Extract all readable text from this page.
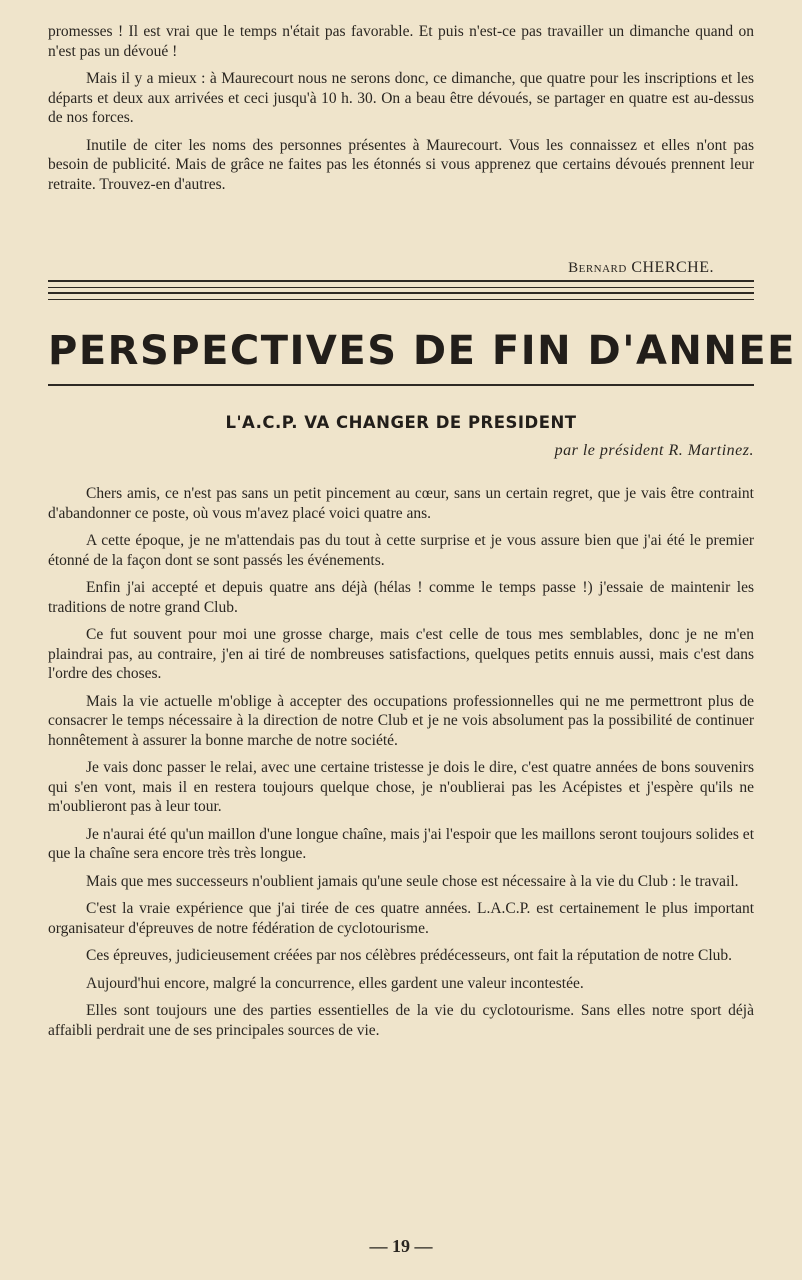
promesses ! Il est vrai que le temps n'était pas favorable. Et puis n'est-ce pas travailler un dimanche quand on n'est pas un dévoué !

Mais il y a mieux : à Maurecourt nous ne serons donc, ce dimanche, que quatre pour les inscriptions et les départs et deux aux arrivées et ceci jusqu'à 10 h. 30. On a beau être dévoués, se partager en quatre est au-dessus de nos forces.

Inutile de citer les noms des personnes présentes à Maurecourt. Vous les connaissez et elles n'ont pas besoin de publicité. Mais de grâce ne faites pas les étonnés si vous apprenez que certains dévoués prennent leur retraite. Trouvez-en d'autres.

Bernard CHERCHE.
PERSPECTIVES DE FIN D'ANNEE
L'A.C.P. VA CHANGER DE PRESIDENT
par le président R. Martinez.

Chers amis, ce n'est pas sans un petit pincement au cœur, sans un certain regret, que je vais être contraint d'abandonner ce poste, où vous m'avez placé voici quatre ans.

A cette époque, je ne m'attendais pas du tout à cette surprise et je vous assure bien que j'ai été le premier étonné de la façon dont se sont passés les événements.

Enfin j'ai accepté et depuis quatre ans déjà (hélas ! comme le temps passe !) j'essaie de maintenir les traditions de notre grand Club.

Ce fut souvent pour moi une grosse charge, mais c'est celle de tous mes semblables, donc je ne m'en plaindrai pas, au contraire, j'en ai tiré de nombreuses satisfactions, quelques petits ennuis aussi, mais c'est dans l'ordre des choses.

Mais la vie actuelle m'oblige à accepter des occupations professionnelles qui ne me permettront plus de consacrer le temps nécessaire à la direction de notre Club et je ne vois absolument pas la possibilité de continuer honnêtement à assurer la bonne marche de notre société.

Je vais donc passer le relai, avec une certaine tristesse je dois le dire, c'est quatre années de bons souvenirs qui s'en vont, mais il en restera toujours quelque chose, je n'oublierai pas les Acépistes et j'espère qu'ils ne m'oublieront pas à leur tour.

Je n'aurai été qu'un maillon d'une longue chaîne, mais j'ai l'espoir que les maillons seront toujours solides et que la chaîne sera encore très très longue.

Mais que mes successeurs n'oublient jamais qu'une seule chose est nécessaire à la vie du Club : le travail.

C'est la vraie expérience que j'ai tirée de ces quatre années. L.A.C.P. est certainement le plus important organisateur d'épreuves de notre fédération de cyclotourisme.

Ces épreuves, judicieusement créées par nos célèbres prédécesseurs, ont fait la réputation de notre Club.

Aujourd'hui encore, malgré la concurrence, elles gardent une valeur incontestée.

Elles sont toujours une des parties essentielles de la vie du cyclotourisme. Sans elles notre sport déjà affaibli perdrait une de ses principales sources de vie.

— 19 —
